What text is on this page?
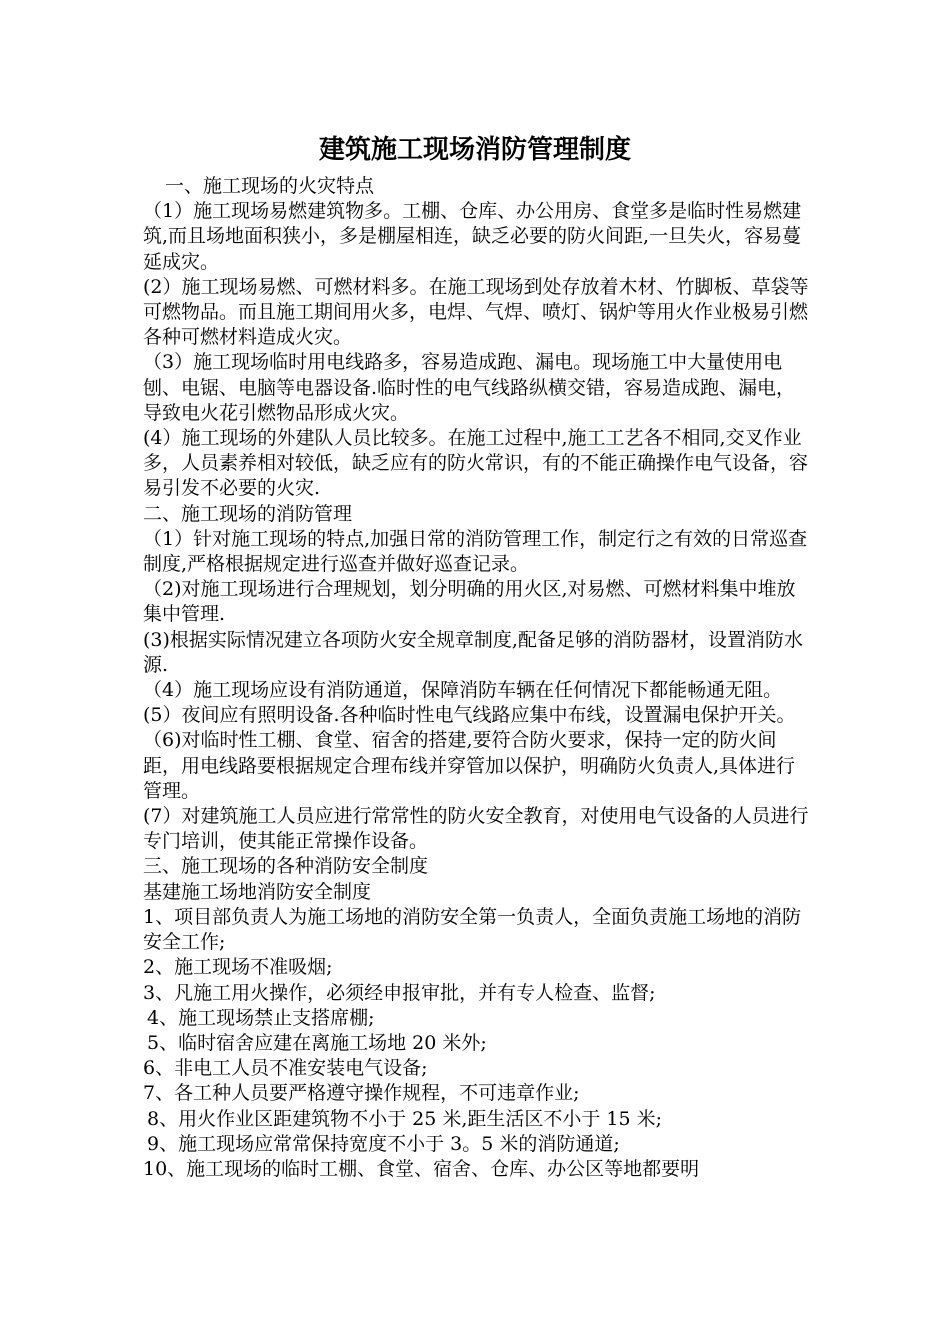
建筑施工现场消防管理制度

一、施工现场的火灾特点

（1）施工现场易燃建筑物多。工棚、仓库、办公用房、食堂多是临时性易燃建筑,而且场地面积狭小，多是棚屋相连，缺乏必要的防火间距,一旦失火，容易蔓延成灾。

(2）施工现场易燃、可燃材料多。在施工现场到处存放着木材、竹脚板、草袋等可燃物品。而且施工期间用火多，电焊、气焊、喷灯、锅炉等用火作业极易引燃各种可燃材料造成火灾。

（3）施工现场临时用电线路多，容易造成跑、漏电。现场施工中大量使用电刨、电锯、电脑等电器设备.临时性的电气线路纵横交错，容易造成跑、漏电，导致电火花引燃物品形成火灾。

(4）施工现场的外建队人员比较多。在施工过程中,施工工艺各不相同,交叉作业多，人员素养相对较低，缺乏应有的防火常识，有的不能正确操作电气设备，容易引发不必要的火灾.

二、施工现场的消防管理

（1）针对施工现场的特点,加强日常的消防管理工作，制定行之有效的日常巡查制度,严格根据规定进行巡查并做好巡查记录。

（2)对施工现场进行合理规划，划分明确的用火区,对易燃、可燃材料集中堆放集中管理.

(3)根据实际情况建立各项防火安全规章制度,配备足够的消防器材，设置消防水源.

（4）施工现场应设有消防通道，保障消防车辆在任何情况下都能畅通无阻。

(5）夜间应有照明设备.各种临时性电气线路应集中布线，设置漏电保护开关。

（6)对临时性工棚、食堂、宿舍的搭建,要符合防火要求，保持一定的防火间距，用电线路要根据规定合理布线并穿管加以保护，明确防火负责人,具体进行管理。

(7）对建筑施工人员应进行常常性的防火安全教育，对使用电气设备的人员进行专门培训，使其能正常操作设备。

三、施工现场的各种消防安全制度

基建施工场地消防安全制度

1、项目部负责人为施工场地的消防安全第一负责人，全面负责施工场地的消防安全工作;

2、施工现场不准吸烟;

3、凡施工用火操作，必须经申报审批，并有专人检查、监督;

4、施工现场禁止支搭席棚;

5、临时宿舍应建在离施工场地 20 米外;

6、非电工人员不准安装电气设备;

7、各工种人员要严格遵守操作规程，不可违章作业;

8、用火作业区距建筑物不小于 25 米,距生活区不小于 15 米;

9、施工现场应常常保持宽度不小于 3。5 米的消防通道;

10、施工现场的临时工棚、食堂、宿舍、仓库、办公区等地都要明
